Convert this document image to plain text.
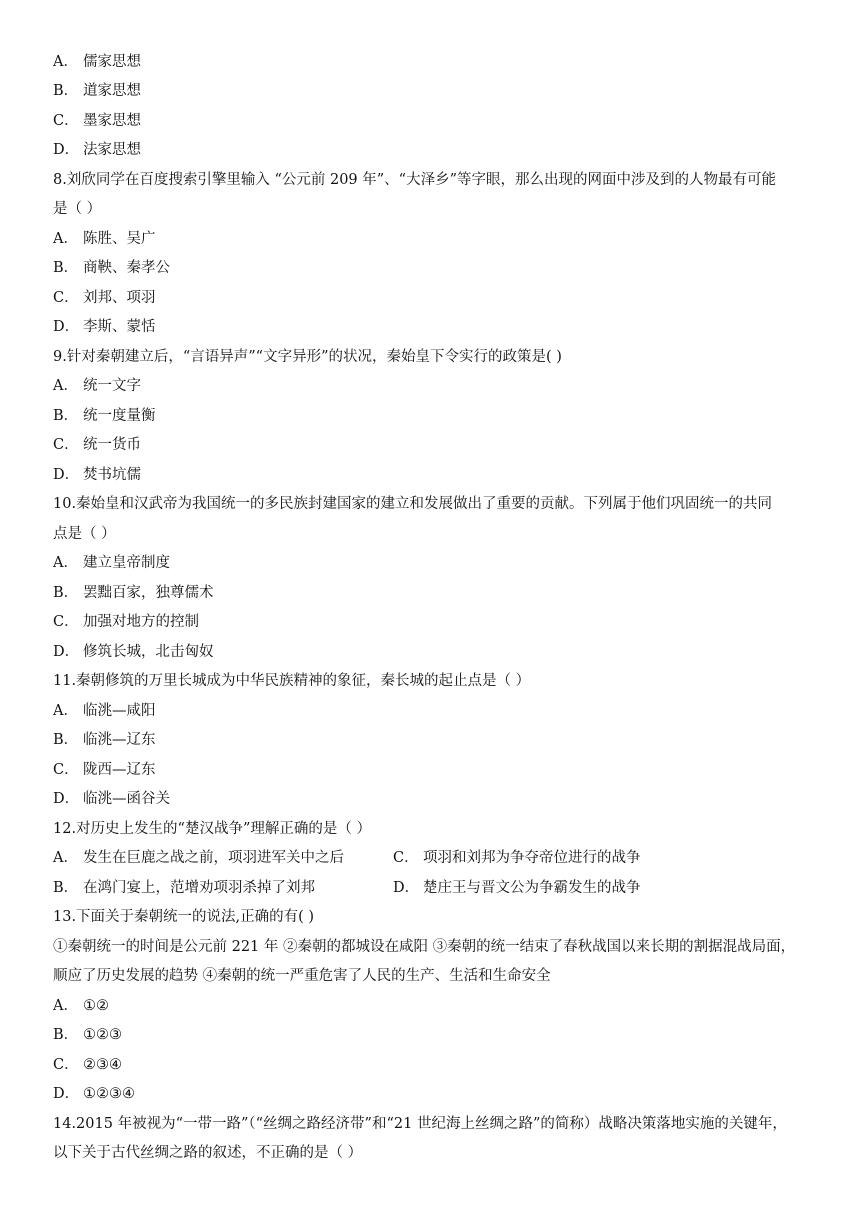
A． 儒家思想
B． 道家思想
C． 墨家思想
D． 法家思想
8.刘欣同学在百度搜索引擎里输入 “公元前 209 年”、“大泽乡”等字眼，那么出现的网面中涉及到的人物最有可能
是（ ）
A． 陈胜、吴广
B． 商鞅、秦孝公
C． 刘邦、项羽
D． 李斯、蒙恬
9.针对秦朝建立后，“言语异声”“文字异形”的状况，秦始皇下令实行的政策是( )
A． 统一文字
B． 统一度量衡
C． 统一货币
D． 焚书坑儒
10.秦始皇和汉武帝为我国统一的多民族封建国家的建立和发展做出了重要的贡献。下列属于他们巩固统一的共同
点是（ ）
A． 建立皇帝制度
B． 罢黜百家，独尊儒术
C． 加强对地方的控制
D． 修筑长城，北击匈奴
11.秦朝修筑的万里长城成为中华民族精神的象征，秦长城的起止点是（ ）
A． 临洮—咸阳
B． 临洮—辽东
C． 陇西—辽东
D． 临洮—函谷关
12.对历史上发生的“楚汉战争”理解正确的是（ ）
A． 发生在巨鹿之战之前，项羽进军关中之后	C． 项羽和刘邦为争夺帝位进行的战争
B． 在鸿门宴上，范增劝项羽杀掉了刘邦	D． 楚庄王与晋文公为争霸发生的战争
13.下面关于秦朝统一的说法,正确的有( )
①秦朝统一的时间是公元前 221 年 ②秦朝的都城设在咸阳 ③秦朝的统一结束了春秋战国以来长期的割据混战局面，
顺应了历史发展的趋势 ④秦朝的统一严重危害了人民的生产、生活和生命安全
A． ①②
B． ①②③
C． ②③④
D． ①②③④
14.2015 年被视为“一带一路”（“丝绸之路经济带”和“21 世纪海上丝绸之路”的简称）战略决策落地实施的关键年，
以下关于古代丝绸之路的叙述，不正确的是（ ）
